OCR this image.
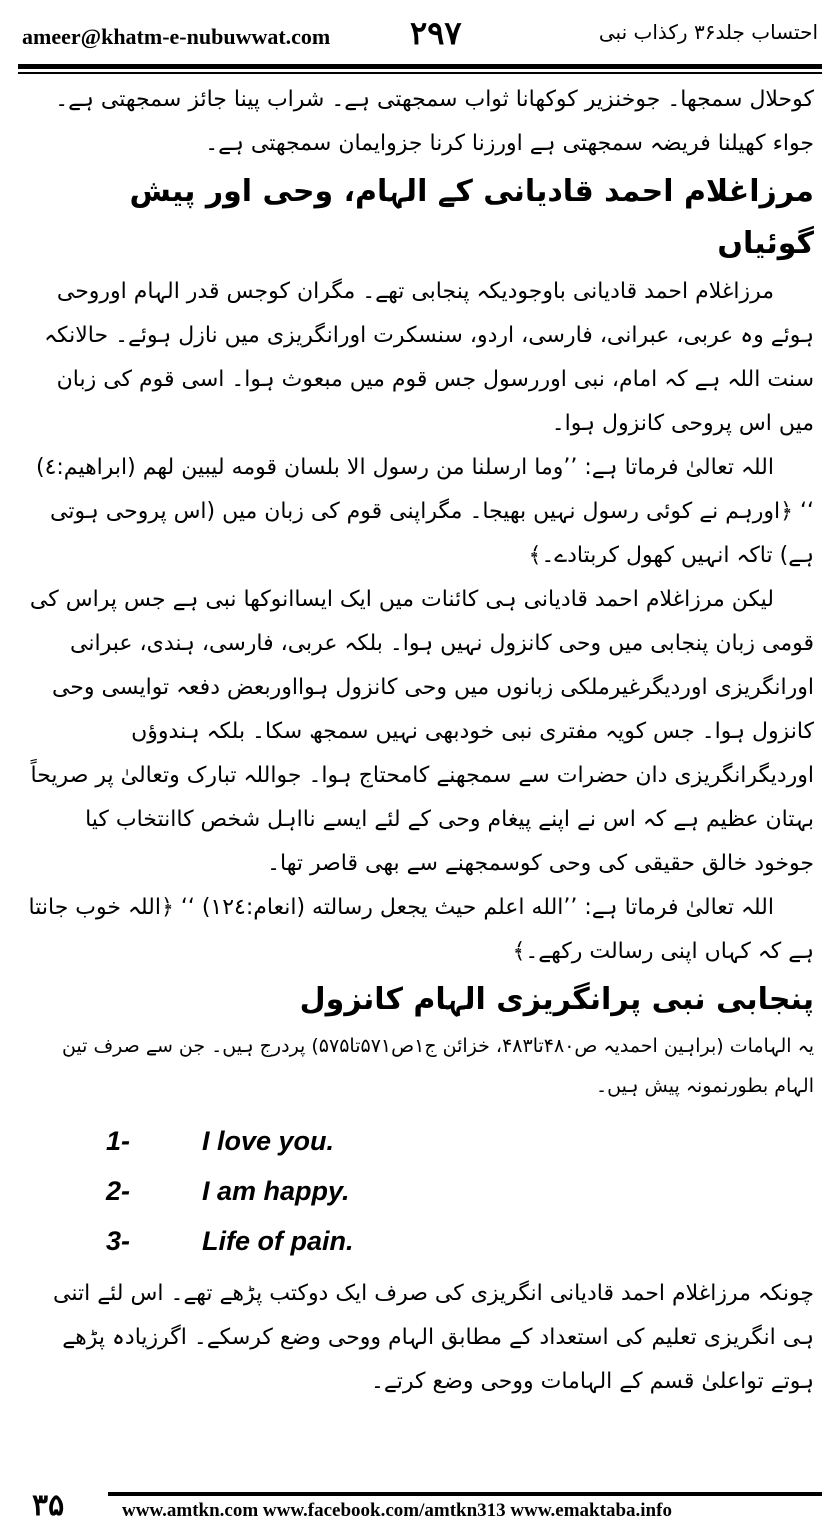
ameer@khatm-e-nubuwwat.com ۲۹۷	احتساب جلد۳۶ رکذاب نبی

کوحلال سمجھا۔ جوخنزیر کوکھانا ثواب سمجھتی ہے۔ شراب پینا جائز سمجھتی ہے۔ جواء کھیلنا فریضہ سمجھتی ہے اورزنا کرنا جزوایمان سمجھتی ہے۔

مرزاغلام احمد قادیانی کے الہام، وحی اور پیش گوئیاں

مرزاغلام احمد قادیانی باوجودیکہ پنجابی تھے۔ مگران کوجس قدر الہام اوروحی ہوئے وہ عربی، عبرانی، فارسی، اردو، سنسکرت اورانگریزی میں نازل ہوئے۔ حالانکہ سنت اللہ ہے کہ امام، نبی اوررسول جس قوم میں مبعوث ہوا۔ اسی قوم کی زبان میں اس پروحی کانزول ہوا۔

اللہ تعالیٰ فرماتا ہے: ’’وما ارسلنا من رسول الا بلسان قومه ليبين لهم (ابراهيم:٤) ‘‘ ﴿اورہم نے کوئی رسول نہیں بھیجا۔ مگراپنی قوم کی زبان میں (اس پروحی ہوتی ہے) تاکہ انہیں کھول کربتادے۔﴾

لیکن مرزاغلام احمد قادیانی ہی کائنات میں ایک ایساانوکھا نبی ہے جس پراس کی قومی زبان پنجابی میں وحی کانزول نہیں ہوا۔ بلکہ عربی، فارسی، ہندی، عبرانی اورانگریزی اوردیگرغیرملکی زبانوں میں وحی کانزول ہوااوربعض دفعہ توایسی وحی کانزول ہوا۔ جس کویہ مفتری نبی خودبھی نہیں سمجھ سکا۔ بلکہ ہندوؤں اوردیگرانگریزی دان حضرات سے سمجھنے کامحتاج ہوا۔ جواللہ تبارک وتعالیٰ پر صریحاً بہتان عظیم ہے کہ اس نے اپنے پیغام وحی کے لئے ایسے نااہل شخص کاانتخاب کیا جوخود خالق حقیقی کی وحی کوسمجھنے سے بھی قاصر تھا۔

اللہ تعالیٰ فرماتا ہے: ’’الله اعلم حيث يجعل رسالته (انعام:١٢٤) ‘‘ ﴿اللہ خوب جانتا ہے کہ کہاں اپنی رسالت رکھے۔﴾

پنجابی نبی پرانگریزی الہام کانزول

یہ الہامات (براہین احمدیہ ص۴۸۰تا۴۸۳، خزائن ج۱ص۵۷۱تا۵۷۵) پردرج ہیں۔ جن سے صرف تین الہام بطورنمونہ پیش ہیں۔

1-	I love you.
2-	I am happy.
3-	Life of pain.

چونکہ مرزاغلام احمد قادیانی انگریزی کی صرف ایک دوکتب پڑھے تھے۔ اس لئے اتنی ہی انگریزی تعلیم کی استعداد کے مطابق الہام ووحی وضع کرسکے۔ اگرزیادہ پڑھے ہوتے تواعلیٰ قسم کے الہامات ووحی وضع کرتے۔

۳۵	www.amtkn.com www.facebook.com/amtkn313 www.emaktaba.info
